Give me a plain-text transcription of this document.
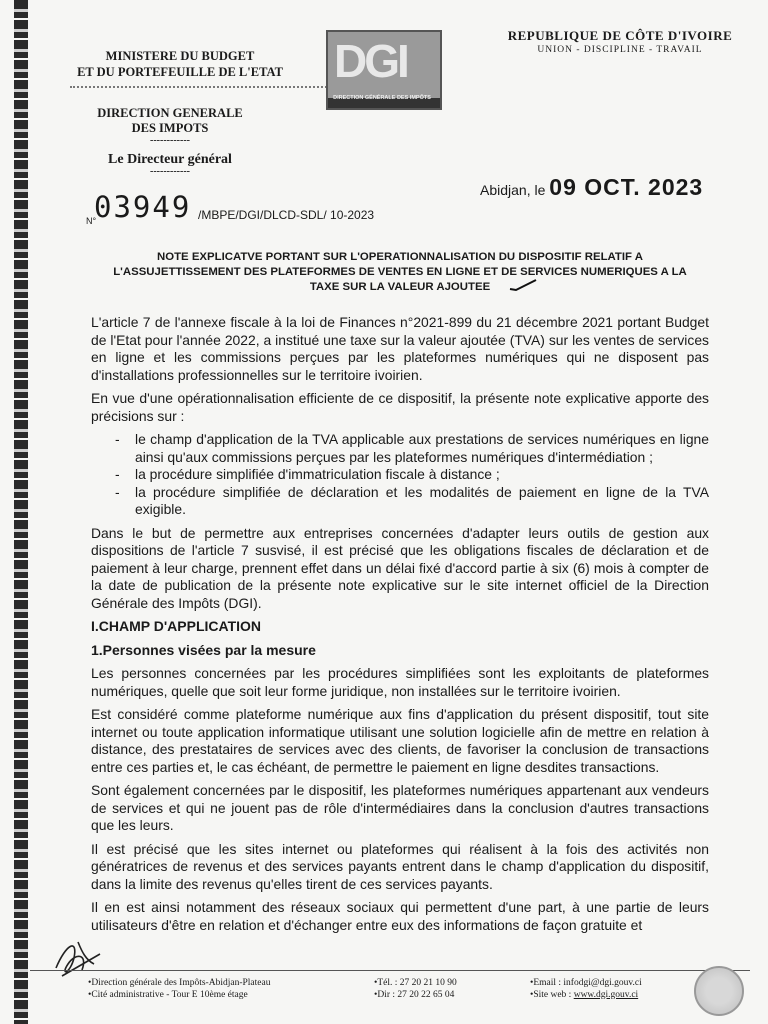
MINISTERE DU BUDGET
ET DU PORTEFEUILLE DE L'ETAT DGI
DIRECTION GÉNÉRALE DES IMPÔTS
REPUBLIQUE DE CÔTE D'IVOIRE
UNION - DISCIPLINE - TRAVAIL
DIRECTION GENERALE
DES IMPOTS
------------
Le Directeur général
------------
Abidjan, le 09 OCT. 2023
N°
03949 /MBPE/DGI/DLCD-SDL/ 10-2023
NOTE EXPLICATVE PORTANT SUR L'OPERATIONNALISATION DU DISPOSITIF RELATIF A L'ASSUJETTISSEMENT DES PLATEFORMES DE VENTES EN LIGNE ET DE SERVICES NUMERIQUES A LA TAXE SUR LA VALEUR AJOUTEE

L'article 7 de l'annexe fiscale à la loi de Finances n°2021-899 du 21 décembre 2021 portant Budget de l'Etat pour l'année 2022, a institué une taxe sur la valeur ajoutée (TVA) sur les ventes de services en ligne et les commissions perçues par les plateformes numériques qui ne disposent pas d'installations professionnelles sur le territoire ivoirien.

En vue d'une opérationnalisation efficiente de ce dispositif, la présente note explicative apporte des précisions sur :

- le champ d'application de la TVA applicable aux prestations de services numériques en ligne ainsi qu'aux commissions perçues par les plateformes numériques d'intermédiation ;
- la procédure simplifiée d'immatriculation fiscale à distance ;
- la procédure simplifiée de déclaration et les modalités de paiement en ligne de la TVA exigible.

Dans le but de permettre aux entreprises concernées d'adapter leurs outils de gestion aux dispositions de l'article 7 susvisé, il est précisé que les obligations fiscales de déclaration et de paiement à leur charge, prennent effet dans un délai fixé d'accord partie à six (6) mois à compter de la date de publication de la présente note explicative sur le site internet officiel de la Direction Générale des Impôts (DGI).

I.CHAMP D'APPLICATION
1.Personnes visées par la mesure

Les personnes concernées par les procédures simplifiées sont les exploitants de plateformes numériques, quelle que soit leur forme juridique, non installées sur le territoire ivoirien.

Est considéré comme plateforme numérique aux fins d'application du présent dispositif, tout site internet ou toute application informatique utilisant une solution logicielle afin de mettre en relation à distance, des prestataires de services avec des clients, de favoriser la conclusion de transactions entre ces parties et, le cas échéant, de permettre le paiement en ligne desdites transactions.

Sont également concernées par le dispositif, les plateformes numériques appartenant aux vendeurs de services et qui ne jouent pas de rôle d'intermédiaires dans la conclusion d'autres transactions que les leurs.

Il est précisé que les sites internet ou plateformes qui réalisent à la fois des activités non génératrices de revenus et des services payants entrent dans le champ d'application du dispositif, dans la limite des revenus qu'elles tirent de ces services payants.

Il en est ainsi notamment des réseaux sociaux qui permettent d'une part, à une partie de leurs utilisateurs d'être en relation et d'échanger entre eux des informations de façon gratuite et

•Direction générale des Impôts-Abidjan-Plateau
•Cité administrative - Tour E 10ème étage
•Tél. : 27 20 21 10 90
•Dir : 27 20 22 65 04
•Email : infodgi@dgi.gouv.ci
•Site web : www.dgi.gouv.ci
